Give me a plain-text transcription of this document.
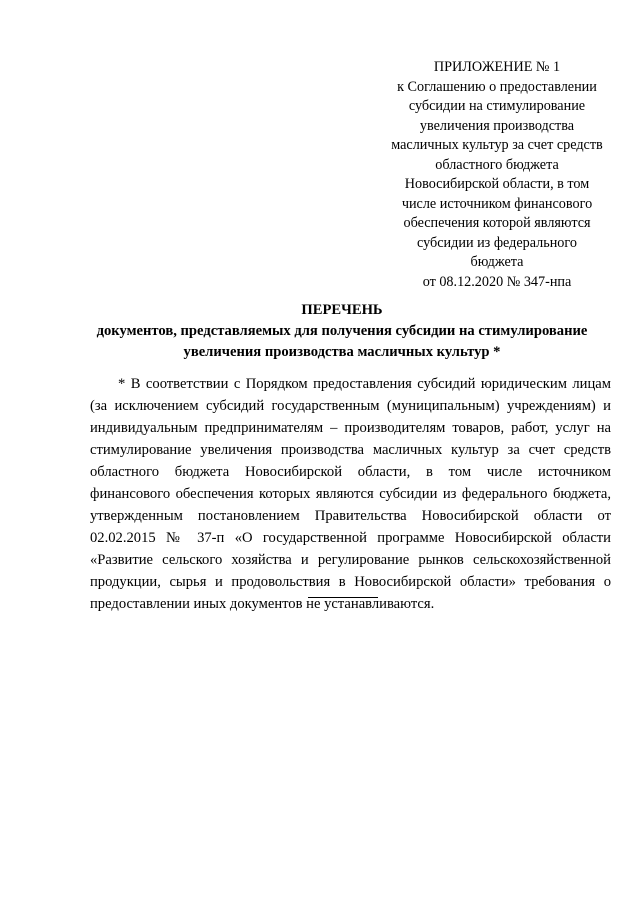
ПРИЛОЖЕНИЕ № 1
к Соглашению о предоставлении
субсидии на стимулирование
увеличения производства
масличных культур за счет средств
областного бюджета
Новосибирской области, в том
числе источником финансового
обеспечения которой являются
субсидии из федерального
бюджета
от 08.12.2020 № 347-нпа
ПЕРЕЧЕНЬ
документов, представляемых для получения субсидии на стимулирование
увеличения производства масличных культур *
* В соответствии с Порядком предоставления субсидий юридическим лицам
(за исключением субсидий государственным (муниципальным) учреждениям) и
индивидуальным предпринимателям – производителям товаров, работ, услуг на
стимулирование увеличения производства масличных культур за счет средств
областного бюджета Новосибирской области, в том числе источником
финансового обеспечения которых являются субсидии из федерального бюджета,
утвержденным постановлением Правительства Новосибирской области от
02.02.2015 № 37-п «О государственной программе Новосибирской области
«Развитие сельского хозяйства и регулирование рынков сельскохозяйственной
продукции, сырья и продовольствия в Новосибирской области» требования о
предоставлении иных документов не устанавливаются.
